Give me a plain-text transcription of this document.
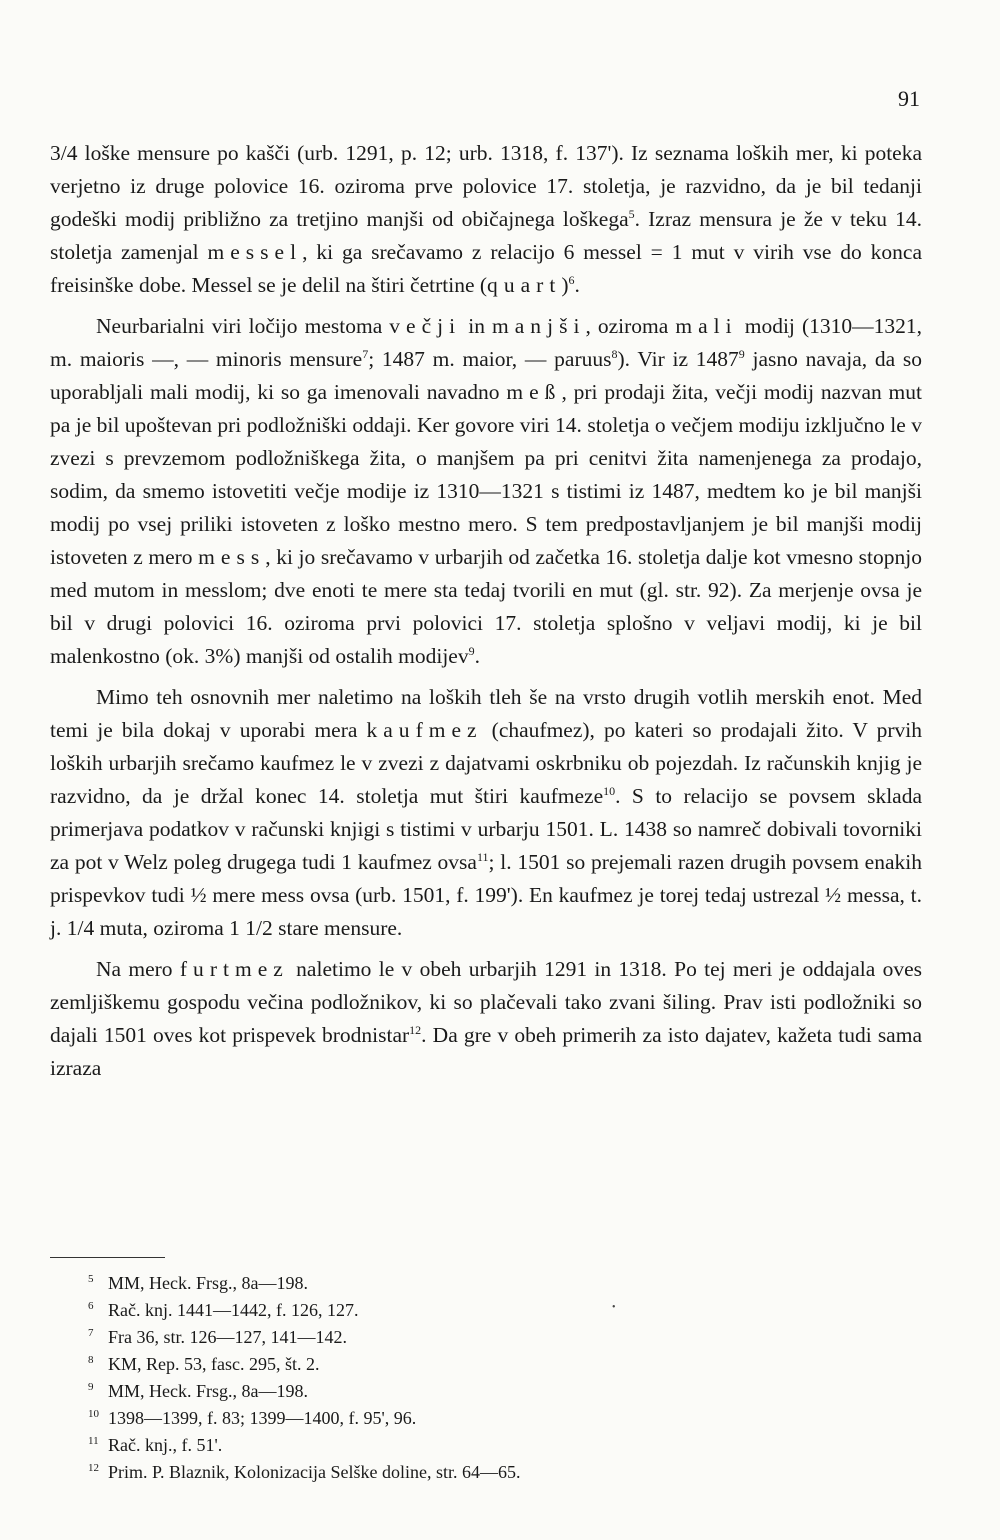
91

3/4 loške mensure po kašči (urb. 1291, p. 12; urb. 1318, f. 137'). Iz seznama loških mer, ki poteka verjetno iz druge polovice 16. oziroma prve polovice 17. stoletja, je razvidno, da je bil tedanji godeški modij približno za tretjino manjši od običajnega loškega$^5$. Izraz mensura je že v teku 14. stoletja zamenjal messel, ki ga srečavamo z relacijo 6 messel = 1 mut v virih vse do konca freisinške dobe. Messel se je delil na štiri četrtine (quart)$^6$.

Neurbarialni viri ločijo mestoma večji in manjši, oziroma mali modij (1310—1321, m. maioris —, — minoris mensure$^7$; 1487 m. maior, — paruus$^8$). Vir iz 1487$^9$ jasno navaja, da so uporabljali mali modij, ki so ga imenovali navadno meß, pri prodaji žita, večji modij nazvan mut pa je bil upoštevan pri podložniški oddaji. Ker govore viri 14. stoletja o večjem modiju izključno le v zvezi s prevzemom podložniškega žita, o manjšem pa pri cenitvi žita namenjenega za prodajo, sodim, da smemo istovetiti večje modije iz 1310—1321 s tistimi iz 1487, medtem ko je bil manjši modij po vsej priliki istoveten z loško mestno mero. S tem predpostavljanjem je bil manjši modij istoveten z mero mess, ki jo srečavamo v urbarjih od začetka 16. stoletja dalje kot vmesno stopnjo med mutom in messlom; dve enoti te mere sta tedaj tvorili en mut (gl. str. 92). Za merjenje ovsa je bil v drugi polovici 16. oziroma prvi polovici 17. stoletja splošno v veljavi modij, ki je bil malenkostno (ok. 3%) manjši od ostalih modijev$^9$.

Mimo teh osnovnih mer naletimo na loških tleh še na vrsto drugih votlih merskih enot. Med temi je bila dokaj v uporabi mera kaufmez (chaufmez), po kateri so prodajali žito. V prvih loških urbarjih srečamo kaufmez le v zvezi z dajatvami oskrbniku ob pojezdah. Iz računskih knjig je razvidno, da je držal konec 14. stoletja mut štiri kaufmeze$^{10}$. S to relacijo se povsem sklada primerjava podatkov v računski knjigi s tistimi v urbarju 1501. L. 1438 so namreč dobivali tovorniki za pot v Welz poleg drugega tudi 1 kaufmez ovsa$^{11}$; l. 1501 so prejemali razen drugih povsem enakih prispevkov tudi ½ mere mess ovsa (urb. 1501, f. 199'). En kaufmez je torej tedaj ustrezal ½ messa, t. j. 1/4 muta, oziroma 1 1/2 stare mensure.

Na mero furtmez naletimo le v obeh urbarjih 1291 in 1318. Po tej meri je oddajala oves zemljiškemu gospodu večina podložnikov, ki so plačevali tako zvani šiling. Prav isti podložniki so dajali 1501 oves kot prispevek brodnistar$^{12}$. Da gre v obeh primerih za isto dajatev, kažeta tudi sama izraza

5 MM, Heck. Frsg., 8a—198.
6 Rač. knj. 1441—1442, f. 126, 127.
7 Fra 36, str. 126—127, 141—142.
8 KM, Rep. 53, fasc. 295, št. 2.
9 MM, Heck. Frsg., 8a—198.
10 1398—1399, f. 83; 1399—1400, f. 95', 96.
11 Rač. knj., f. 51'.
12 Prim. P. Blaznik, Kolonizacija Selške doline, str. 64—65.
•
